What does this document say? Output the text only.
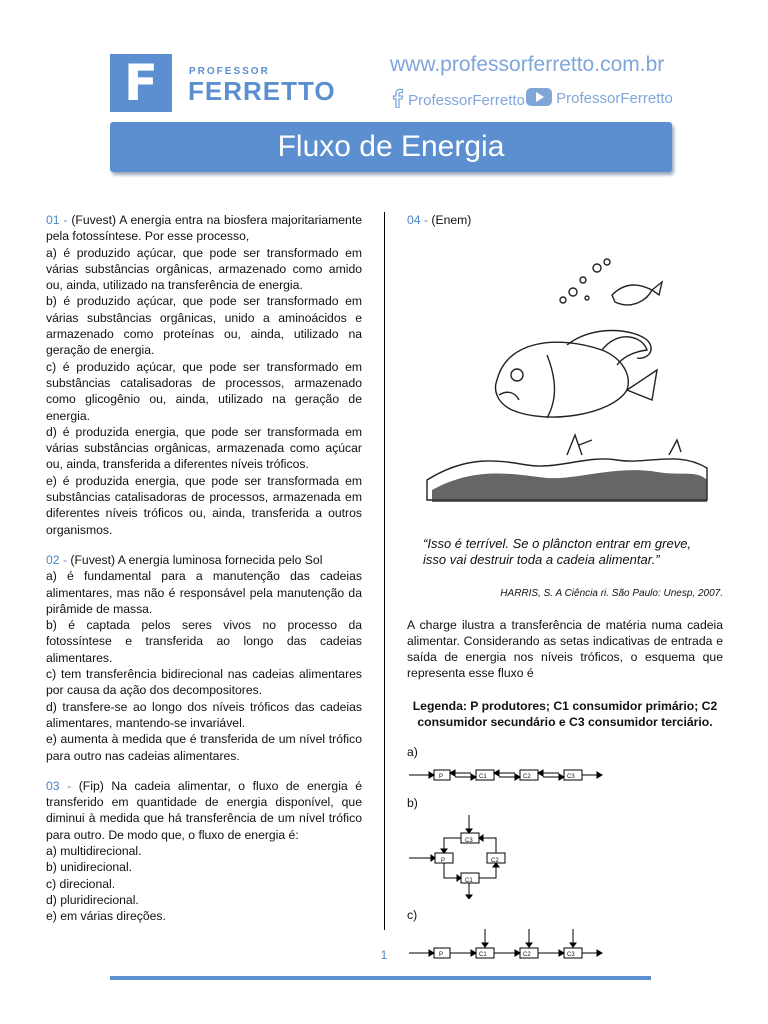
F	PROFESSOR
FERRETTO
www.professorferretto.com.br
ProfessorFerretto	ProfessorFerretto
Fluxo de Energia

01 - (Fuvest) A energia entra na biosfera majoritariamente pela fotossíntese. Por esse processo,

a) é produzido açúcar, que pode ser transformado em várias substâncias orgânicas, armazenado como amido ou, ainda, utilizado na transferência de energia.

b) é produzido açúcar, que pode ser transformado em várias substâncias orgânicas, unido a aminoácidos e armazenado como proteínas ou, ainda, utilizado na geração de energia.

c) é produzido açúcar, que pode ser transformado em substâncias catalisadoras de processos, armazenado como glicogênio ou, ainda, utilizado na geração de energia.

d) é produzida energia, que pode ser transformada em várias substâncias orgânicas, armazenada como açúcar ou, ainda, transferida a diferentes níveis tróficos.

e) é produzida energia, que pode ser transformada em substâncias catalisadoras de processos, armazenada em diferentes níveis tróficos ou, ainda, transferida a outros organismos.

02 - (Fuvest) A energia luminosa fornecida pelo Sol

a) é fundamental para a manutenção das cadeias alimentares, mas não é responsável pela manutenção da pirâmide de massa.

b) é captada pelos seres vivos no processo da fotossíntese e transferida ao longo das cadeias alimentares.

c) tem transferência bidirecional nas cadeias alimentares por causa da ação dos decompositores.

d) transfere-se ao longo dos níveis tróficos das cadeias alimentares, mantendo-se invariável.

e) aumenta à medida que é transferida de um nível trófico para outro nas cadeias alimentares.

03 - (Fip) Na cadeia alimentar, o fluxo de energia é transferido em quantidade de energia disponível, que diminui à medida que há transferência de um nível trófico para outro. De modo que, o fluxo de energia é:

a) multidirecional.

b) unidirecional.

c) direcional.

d) pluridirecional.

e) em várias direções.

04 - (Enem)

“Isso é terrível. Se o plâncton entrar em greve,
isso vai destruir toda a cadeia alimentar.”

HARRIS, S. A Ciência ri. São Paulo: Unesp, 2007.

A charge ilustra a transferência de matéria numa cadeia alimentar. Considerando as setas indicativas de entrada e saída de energia nos níveis tróficos, o esquema que representa esse fluxo é

Legenda: P produtores; C1 consumidor primário; C2
consumidor secundário e C3 consumidor terciário.

a)

P	C1	C2	C3

b)

P
C1
C2
C3

c)

P	C1	C2	C3
1
